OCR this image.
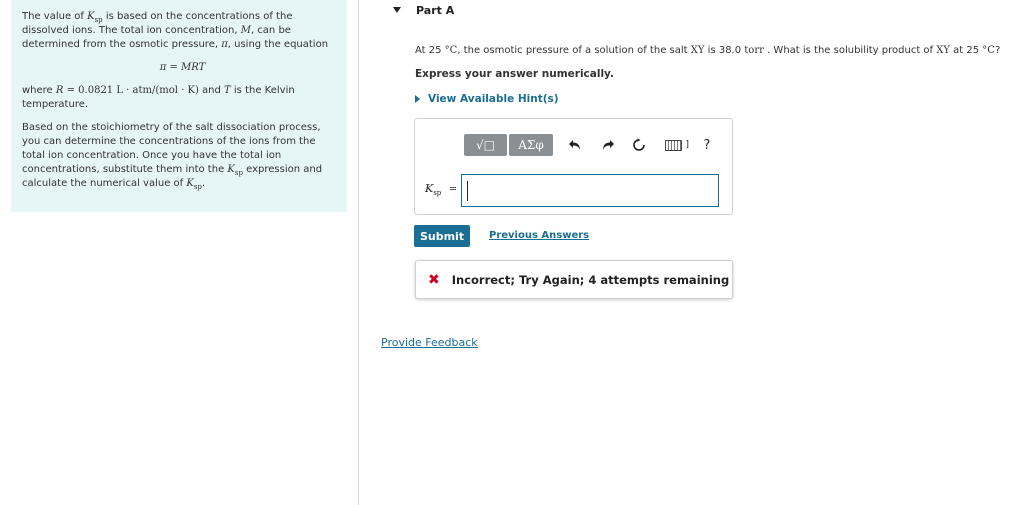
The value of $K_{sp}$ is based on the concentrations of the dissolved ions. The total ion concentration, M, can be determined from the osmotic pressure, π, using the equation

π = MRT

where R = 0.0821 L · atm/(mol · K) and T is the Kelvin temperature.

Based on the stoichiometry of the salt dissociation process, you can determine the concentrations of the ions from the total ion concentration. Once you have the total ion concentrations, substitute them into the $K_{sp}$ expression and calculate the numerical value of $K_{sp}$.

Part A
At 25 °C, the osmotic pressure of a solution of the salt XY is 38.0 torr . What is the solubility product of XY at 25 °C?
Express your answer numerically.
View Available Hint(s)
√□	ΑΣφ	] ?
$K_{sp}$ =
Submit	Previous Answers
✖ Incorrect; Try Again; 4 attempts remaining
Provide Feedback
